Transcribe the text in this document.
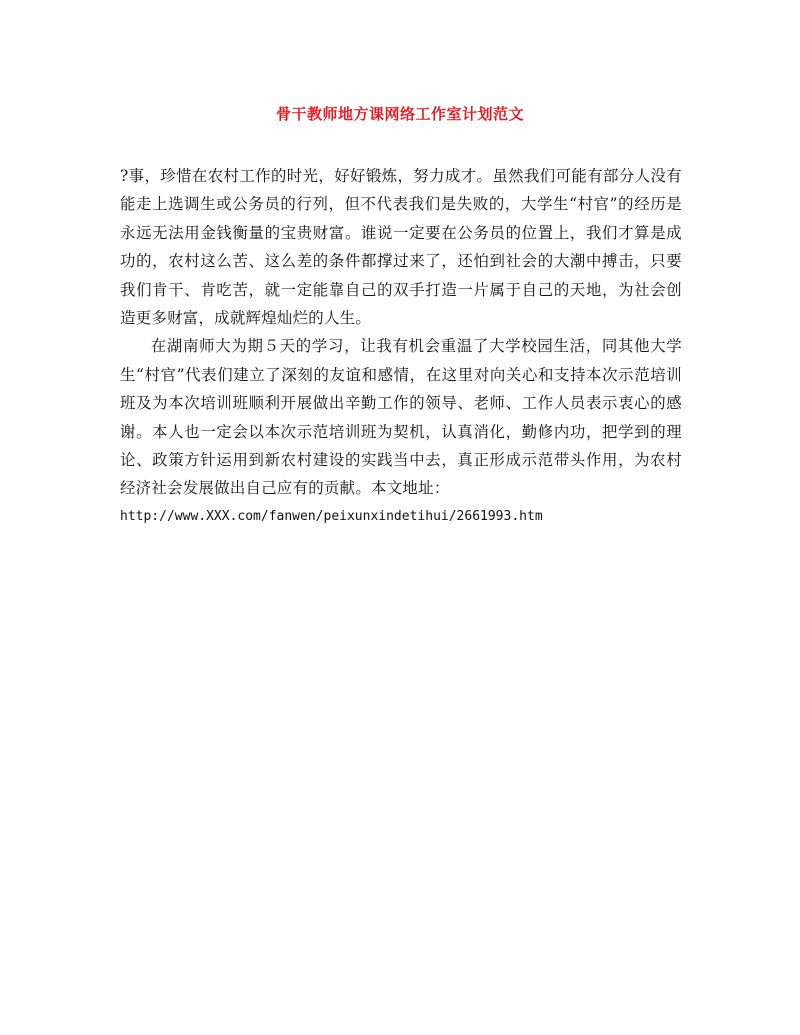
骨干教师地方课网络工作室计划范文

?事，珍惜在农村工作的时光，好好锻炼，努力成才。虽然我们可能有部分人没有能走上选调生或公务员的行列，但不代表我们是失败的，大学生“村官”的经历是永远无法用金钱衡量的宝贵财富。谁说一定要在公务员的位置上，我们才算是成功的，农村这么苦、这么差的条件都撑过来了，还怕到社会的大潮中搏击，只要我们肯干、肯吃苦，就一定能靠自己的双手打造一片属于自己的天地，为社会创造更多财富，成就辉煌灿烂的人生。

在湖南师大为期５天的学习，让我有机会重温了大学校园生活，同其他大学生“村官”代表们建立了深刻的友谊和感情，在这里对向关心和支持本次示范培训班及为本次培训班顺利开展做出辛勤工作的领导、老师、工作人员表示衷心的感谢。本人也一定会以本次示范培训班为契机，认真消化，勤修内功，把学到的理论、政策方针运用到新农村建设的实践当中去，真正形成示范带头作用，为农村经济社会发展做出自己应有的贡献。本文地址：

http://www.XXX.com/fanwen/peixunxindetihui/2661993.htm
